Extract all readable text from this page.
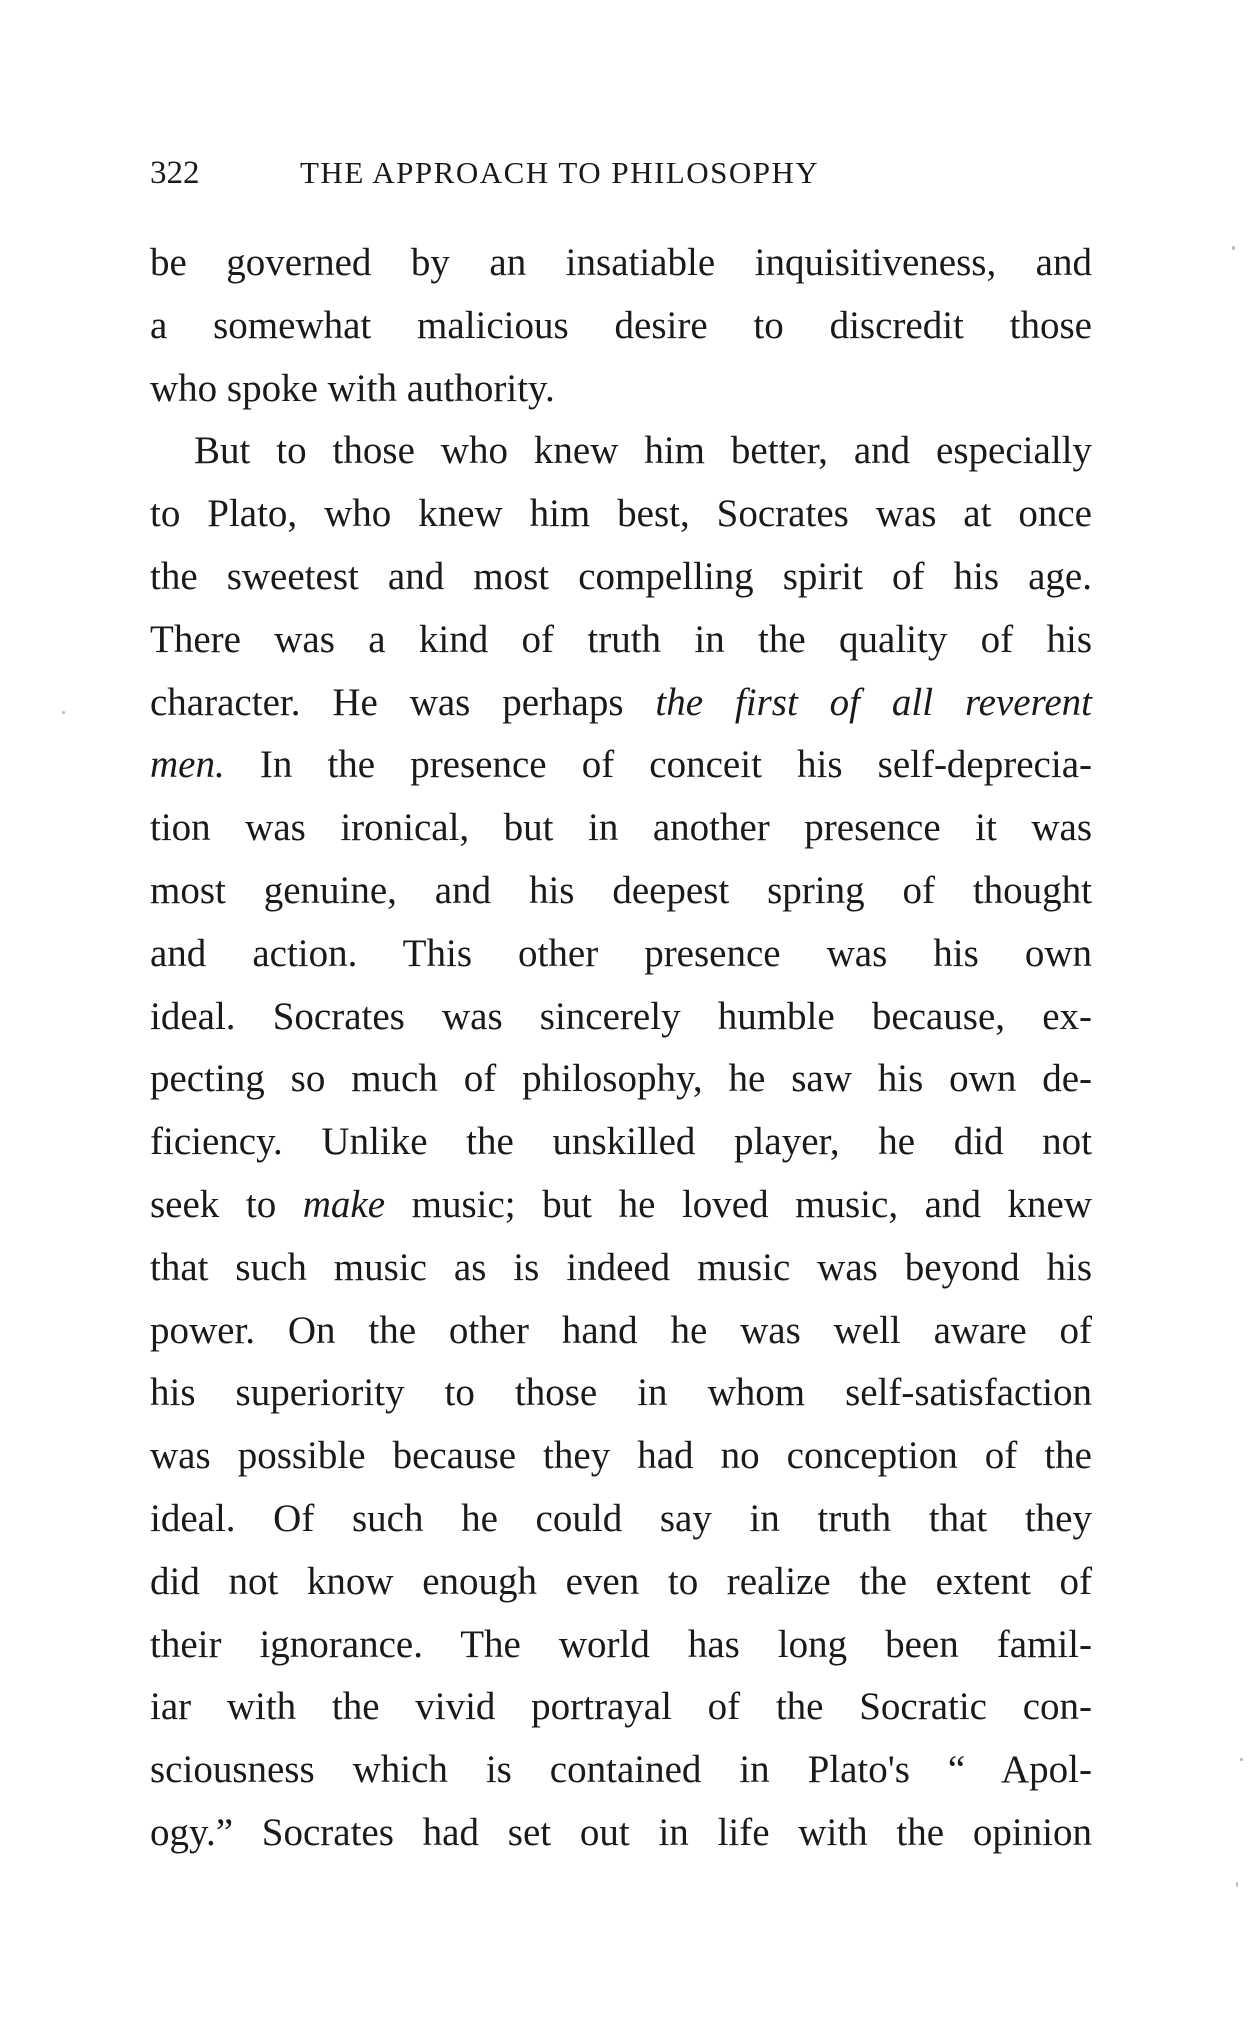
322	THE APPROACH TO PHILOSOPHY
be governed by an insatiable inquisitiveness, and
a somewhat malicious desire to discredit those
who spoke with authority.
But to those who knew him better, and especially
to Plato, who knew him best, Socrates was at once
the sweetest and most compelling spirit of his age.
There was a kind of truth in the quality of his
character. He was perhaps the first of all reverent
men. In the presence of conceit his self-deprecia-
tion was ironical, but in another presence it was
most genuine, and his deepest spring of thought
and action. This other presence was his own
ideal. Socrates was sincerely humble because, ex-
pecting so much of philosophy, he saw his own de-
ficiency. Unlike the unskilled player, he did not
seek to make music; but he loved music, and knew
that such music as is indeed music was beyond his
power. On the other hand he was well aware of
his superiority to those in whom self-satisfaction
was possible because they had no conception of the
ideal. Of such he could say in truth that they
did not know enough even to realize the extent of
their ignorance. The world has long been famil-
iar with the vivid portrayal of the Socratic con-
sciousness which is contained in Plato's “ Apol-
ogy.” Socrates had set out in life with the opinion
